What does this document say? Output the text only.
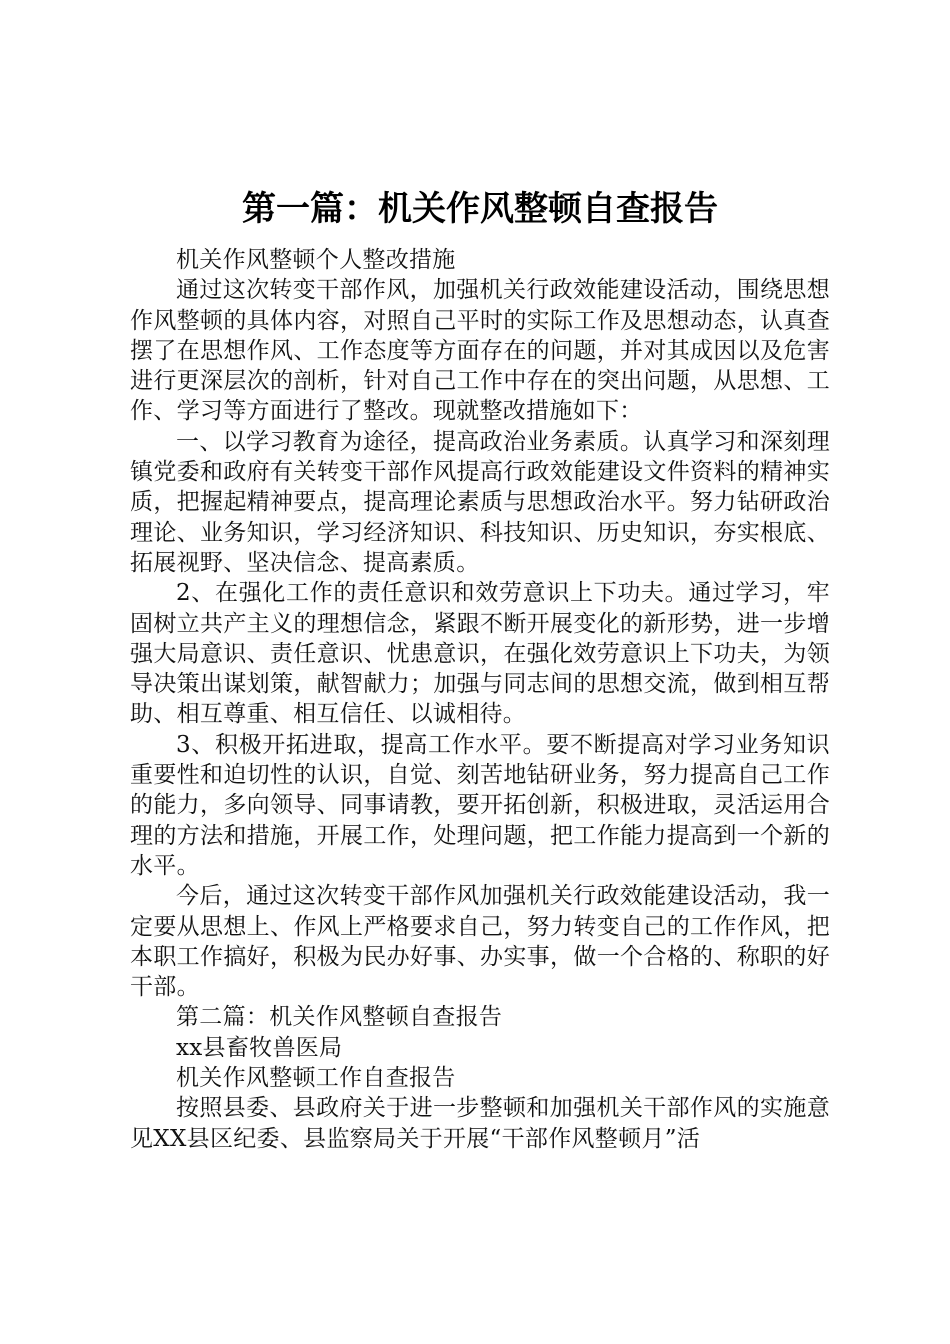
第一篇：机关作风整顿自查报告

机关作风整顿个人整改措施

通过这次转变干部作风，加强机关行政效能建设活动，围绕思想作风整顿的具体内容，对照自己平时的实际工作及思想动态，认真查摆了在思想作风、工作态度等方面存在的问题，并对其成因以及危害进行更深层次的剖析，针对自己工作中存在的突出问题，从思想、工作、学习等方面进行了整改。现就整改措施如下：

一、以学习教育为途径，提高政治业务素质。认真学习和深刻理镇党委和政府有关转变干部作风提高行政效能建设文件资料的精神实质，把握起精神要点，提高理论素质与思想政治水平。努力钻研政治理论、业务知识，学习经济知识、科技知识、历史知识，夯实根底、拓展视野、坚决信念、提高素质。

2、在强化工作的责任意识和效劳意识上下功夫。通过学习，牢固树立共产主义的理想信念，紧跟不断开展变化的新形势，进一步增强大局意识、责任意识、忧患意识，在强化效劳意识上下功夫，为领导决策出谋划策，献智献力；加强与同志间的思想交流，做到相互帮助、相互尊重、相互信任、以诚相待。

3、积极开拓进取，提高工作水平。要不断提高对学习业务知识重要性和迫切性的认识，自觉、刻苦地钻研业务，努力提高自己工作的能力，多向领导、同事请教，要开拓创新，积极进取，灵活运用合理的方法和措施，开展工作，处理问题，把工作能力提高到一个新的水平。

今后，通过这次转变干部作风加强机关行政效能建设活动，我一定要从思想上、作风上严格要求自己，努力转变自己的工作作风，把本职工作搞好，积极为民办好事、办实事，做一个合格的、称职的好干部。

第二篇：机关作风整顿自查报告

xx县畜牧兽医局

机关作风整顿工作自查报告

按照县委、县政府关于进一步整顿和加强机关干部作风的实施意见XX县区纪委、县监察局关于开展“干部作风整顿月”活
